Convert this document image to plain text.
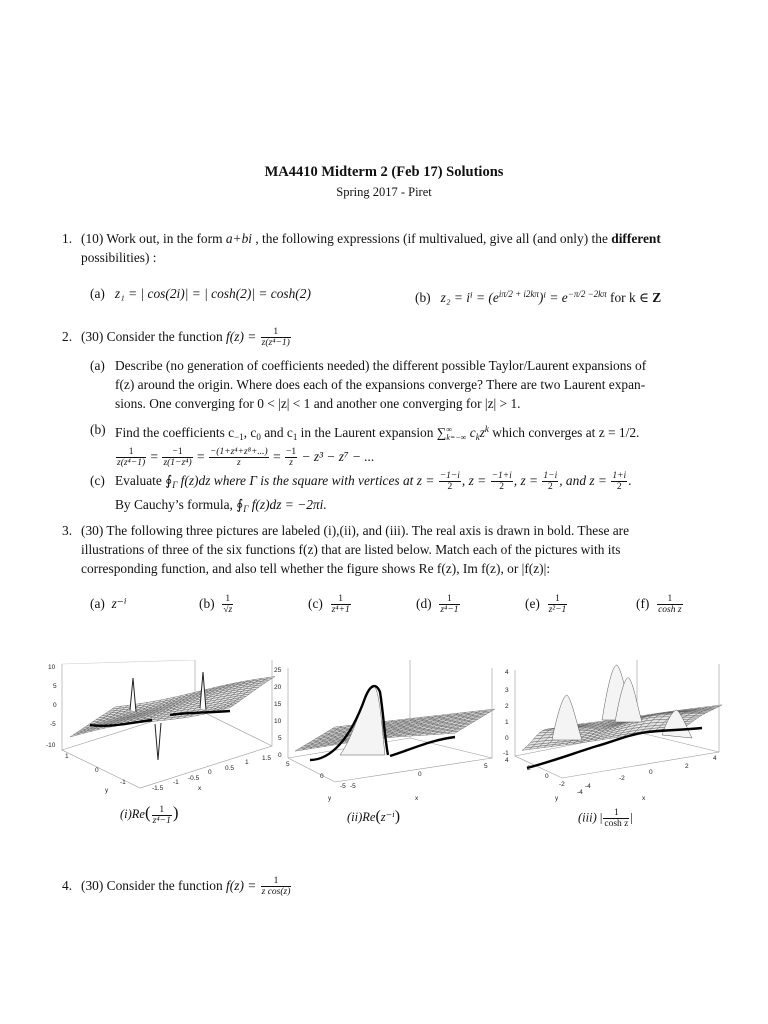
MA4410 Midterm 2 (Feb 17) Solutions
Spring 2017 - Piret
1. (10) Work out, in the form a+bi , the following expressions (if multivalued, give all (and only) the different
possibilities) :
(a) z₁ = | cos(2i)| = | cosh(2)| = cosh(2)	(b) $z_2 = i^i = (e^{i\pi/2 + i2k\pi})^i = e^{-\pi/2 -2k\pi}$ for k ∈ Z
2. (30) Consider the function $f(z) = \frac{1}{\text{z(z⁴−1)}}$
(a) Describe (no generation of coefficients needed) the different possible Taylor/Laurent expansions of
f(z) around the origin. Where does each of the expansions converge? There are two Laurent expan-
sions. One converging for 0 < |z| < 1 and another one converging for |z| > 1.
(b) Find the coefficients $c_{-1}$, $c_0$ and $c_1$ in the Laurent expansion ∑ ∞
k=−∞ $c_kz^k$ which converges at z = 1/2.

$\frac{1}{\text{z(z⁴−1)}} = \frac{-1}{\text{z(1−z⁴)}} = \frac{\text{−(1+z⁴+z⁸+...)}}{z} = \frac{-1}{z} - z^3 - z^7$ − ...
(c) Evaluate $∮_\Gamma$ f(z)dz where Γ is the square with vertices at $z = \frac{-1-i}{2}$ , $z = \frac{-1+i}{2}$ , $z = \frac{1-i}{2}$ , and $z = \frac{1+i}{2}$ .
By Cauchy’s formula, $∮_\Gamma$ f(z)dz = −2πi.
3. (30) The following three pictures are labeled (i),(ii), and (iii). The real axis is drawn in bold. These are
illustrations of three of the six functions f(z) that are listed below. Match each of the pictures with its
corresponding function, and also tell whether the figure shows Re f(z), Im f(z), or |f(z)|:
(a) z⁻ⁱ	$(b) \frac{1}{√z}$	$(c) \frac{1}{\text{z⁴+1}}$	$(d) \frac{1}{\text{z⁴−1}}$	$(e) \frac{1}{\text{z²−1}}$	$(f) \frac{1}{\text{cosh z}}$
10
5
0
-5
-10
1
0
-1
y	-1.5
-1
-0.5
0
0.5
1
1.5
x
$(i)Re( \frac{1}{\text{z⁴−1}}$ )
25
20
15
10
5
0
5
0
-5
y
-5
0
5
x
(ii)Re(z⁻ⁱ)
4
3
2
1
0
-1
4
2
0
-2
-4
y
-4
-2
0
2
4
x
(iii) | $\frac{1}{\text{cosh z}}$ |
4. (30) Consider the function $f(z) = \frac{1}{\text{z cos(z)}}$
